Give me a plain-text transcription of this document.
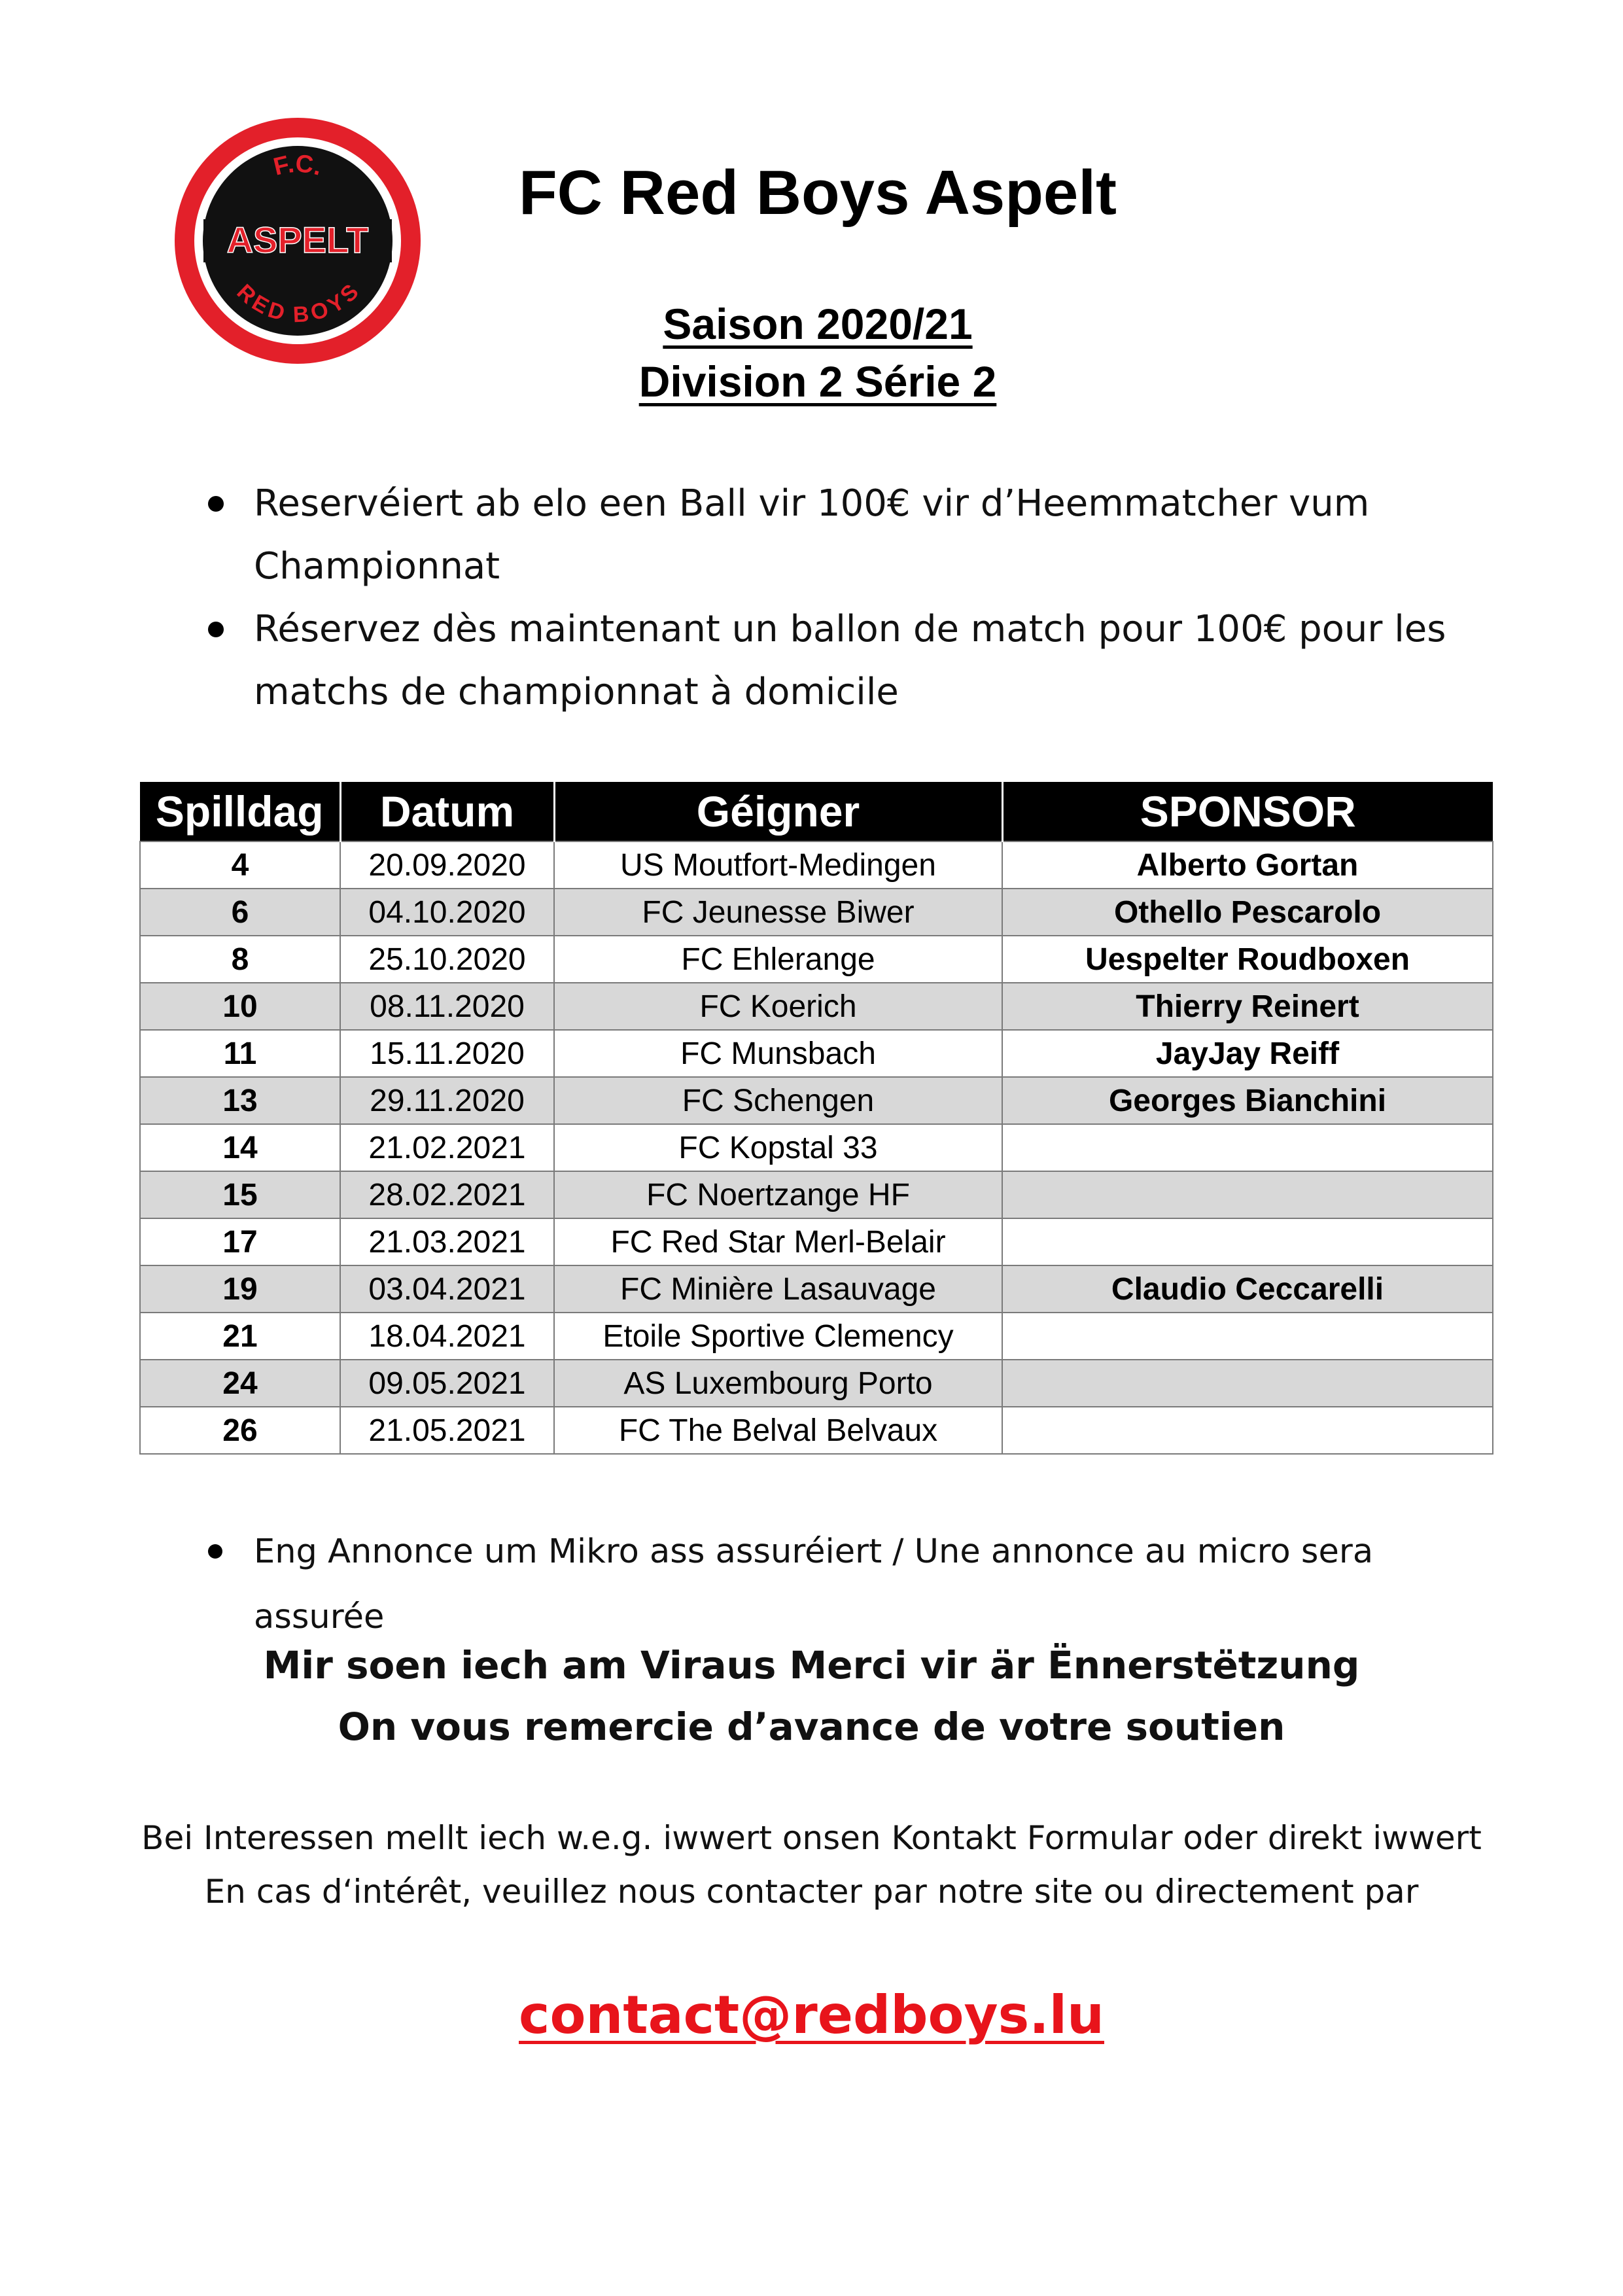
F.C.
ASPELT
RED BOYS
FC Red Boys Aspelt
Saison 2020/21
Division 2 Série 2
Reservéiert ab elo een Ball vir 100€ vir d’Heemmatcher vum Championnat
Réservez dès maintenant un ballon de match pour 100€ pour les matchs de championnat à domicile
Spilldag	Datum	Géigner	SPONSOR
4	20.09.2020	US Moutfort-Medingen	Alberto Gortan
6	04.10.2020	FC Jeunesse Biwer	Othello Pescarolo
8	25.10.2020	FC Ehlerange	Uespelter Roudboxen
10	08.11.2020	FC Koerich	Thierry Reinert
11	15.11.2020	FC Munsbach	JayJay Reiff
13	29.11.2020	FC Schengen	Georges Bianchini
14	21.02.2021	FC Kopstal 33	
15	28.02.2021	FC Noertzange HF	
17	21.03.2021	FC Red Star Merl-Belair	
19	03.04.2021	FC Minière Lasauvage	Claudio Ceccarelli
21	18.04.2021	Etoile Sportive Clemency	
24	09.05.2021	AS Luxembourg Porto	
26	21.05.2021	FC The Belval Belvaux	
Eng Annonce um Mikro ass assuréiert / Une annonce au micro sera assurée
Mir soen iech am Viraus Merci vir är Ënnerstëtzung
On vous remercie d’avance de votre soutien
Bei Interessen mellt iech w.e.g. iwwert onsen Kontakt Formular oder direkt iwwert
En cas d‘intérêt, veuillez nous contacter par notre site ou directement par
contact@redboys.lu
